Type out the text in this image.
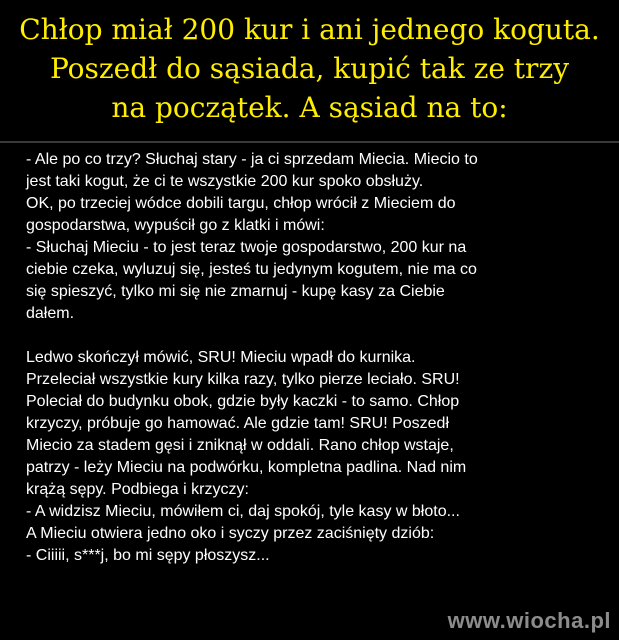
Chłop miał 200 kur i ani jednego koguta.
Poszedł do sąsiada, kupić tak ze trzy
na początek. A sąsiad na to:
- Ale po co trzy? Słuchaj stary - ja ci sprzedam Miecia. Miecio to
jest taki kogut, że ci te wszystkie 200 kur spoko obsłuży.
OK, po trzeciej wódce dobili targu, chłop wrócił z Mieciem do
gospodarstwa, wypuścił go z klatki i mówi:
- Słuchaj Mieciu - to jest teraz twoje gospodarstwo, 200 kur na
ciebie czeka, wyluzuj się, jesteś tu jedynym kogutem, nie ma co
się spieszyć, tylko mi się nie zmarnuj - kupę kasy za Ciebie
dałem.
Ledwo skończył mówić, SRU! Mieciu wpadł do kurnika.
Przeleciał wszystkie kury kilka razy, tylko pierze leciało. SRU!
Poleciał do budynku obok, gdzie były kaczki - to samo. Chłop
krzyczy, próbuje go hamować. Ale gdzie tam! SRU! Poszedł
Miecio za stadem gęsi i zniknął w oddali. Rano chłop wstaje,
patrzy - leży Mieciu na podwórku, kompletna padlina. Nad nim
krążą sępy. Podbiega i krzyczy:
- A widzisz Mieciu, mówiłem ci, daj spokój, tyle kasy w błoto...
A Mieciu otwiera jedno oko i syczy przez zaciśnięty dziób:
- Ciiiii, s***j, bo mi sępy płoszysz...
www.wiocha.pl
